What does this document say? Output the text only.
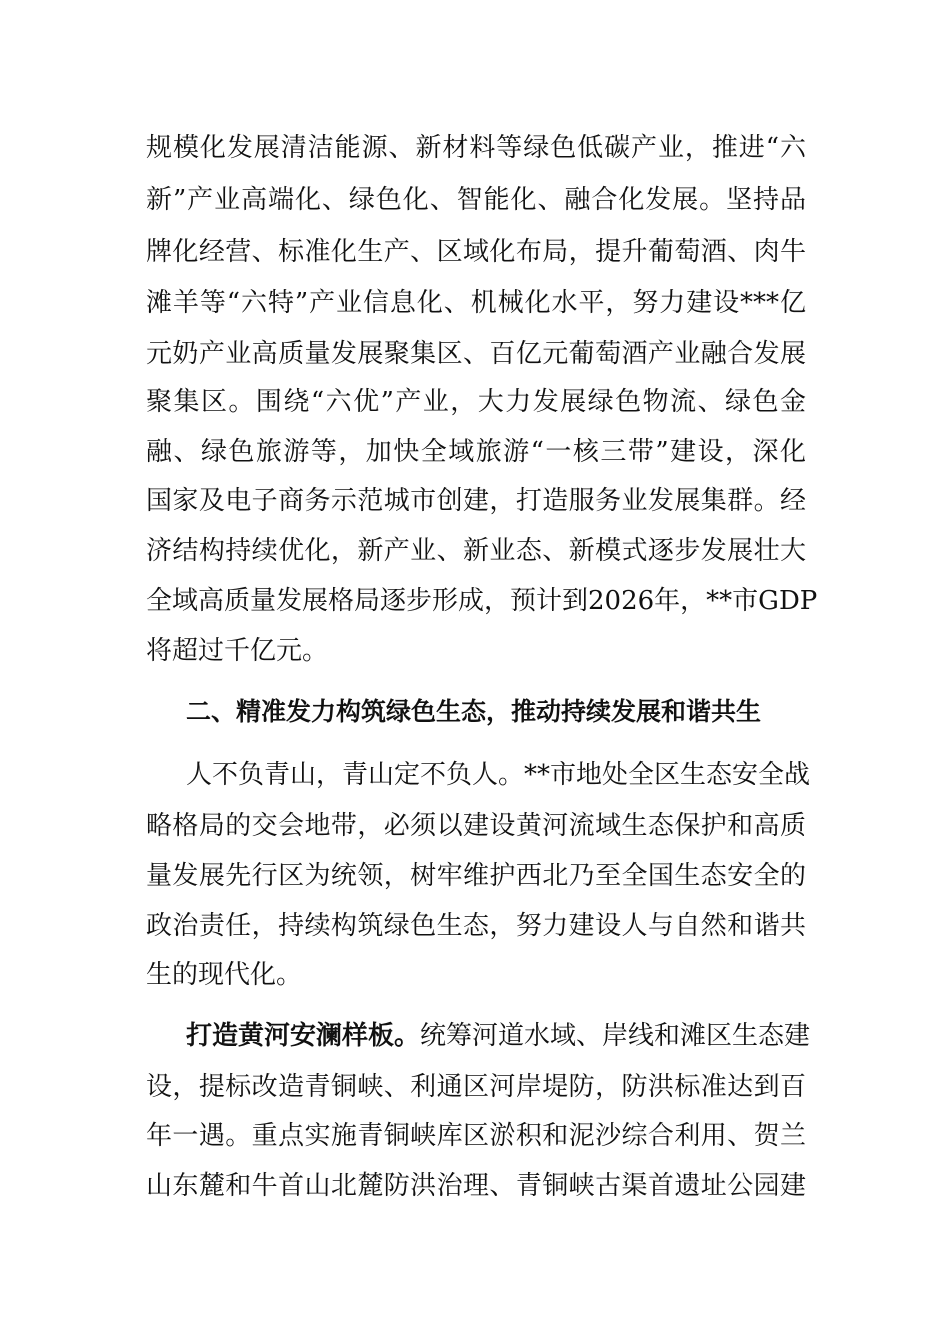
规模化发展清洁能源、新材料等绿色低碳产业，推进“六
新”产业高端化、绿色化、智能化、融合化发展。坚持品
牌化经营、标准化生产、区域化布局，提升葡萄酒、肉牛
滩羊等“六特”产业信息化、机械化水平，努力建设***亿
元奶产业高质量发展聚集区、百亿元葡萄酒产业融合发展
聚集区。围绕“六优”产业，大力发展绿色物流、绿色金
融、绿色旅游等，加快全域旅游“一核三带”建设，深化
国家及电子商务示范城市创建，打造服务业发展集群。经
济结构持续优化，新产业、新业态、新模式逐步发展壮大
全域高质量发展格局逐步形成，预计到2026年，**市GDP
将超过千亿元。
二、精准发力构筑绿色生态，推动持续发展和谐共生
人不负青山，青山定不负人。**市地处全区生态安全战
略格局的交会地带，必须以建设黄河流域生态保护和高质
量发展先行区为统领，树牢维护西北乃至全国生态安全的
政治责任，持续构筑绿色生态，努力建设人与自然和谐共
生的现代化。
打造黄河安澜样板。统筹河道水域、岸线和滩区生态建
设，提标改造青铜峡、利通区河岸堤防，防洪标准达到百
年一遇。重点实施青铜峡库区淤积和泥沙综合利用、贺兰
山东麓和牛首山北麓防洪治理、青铜峡古渠首遗址公园建
